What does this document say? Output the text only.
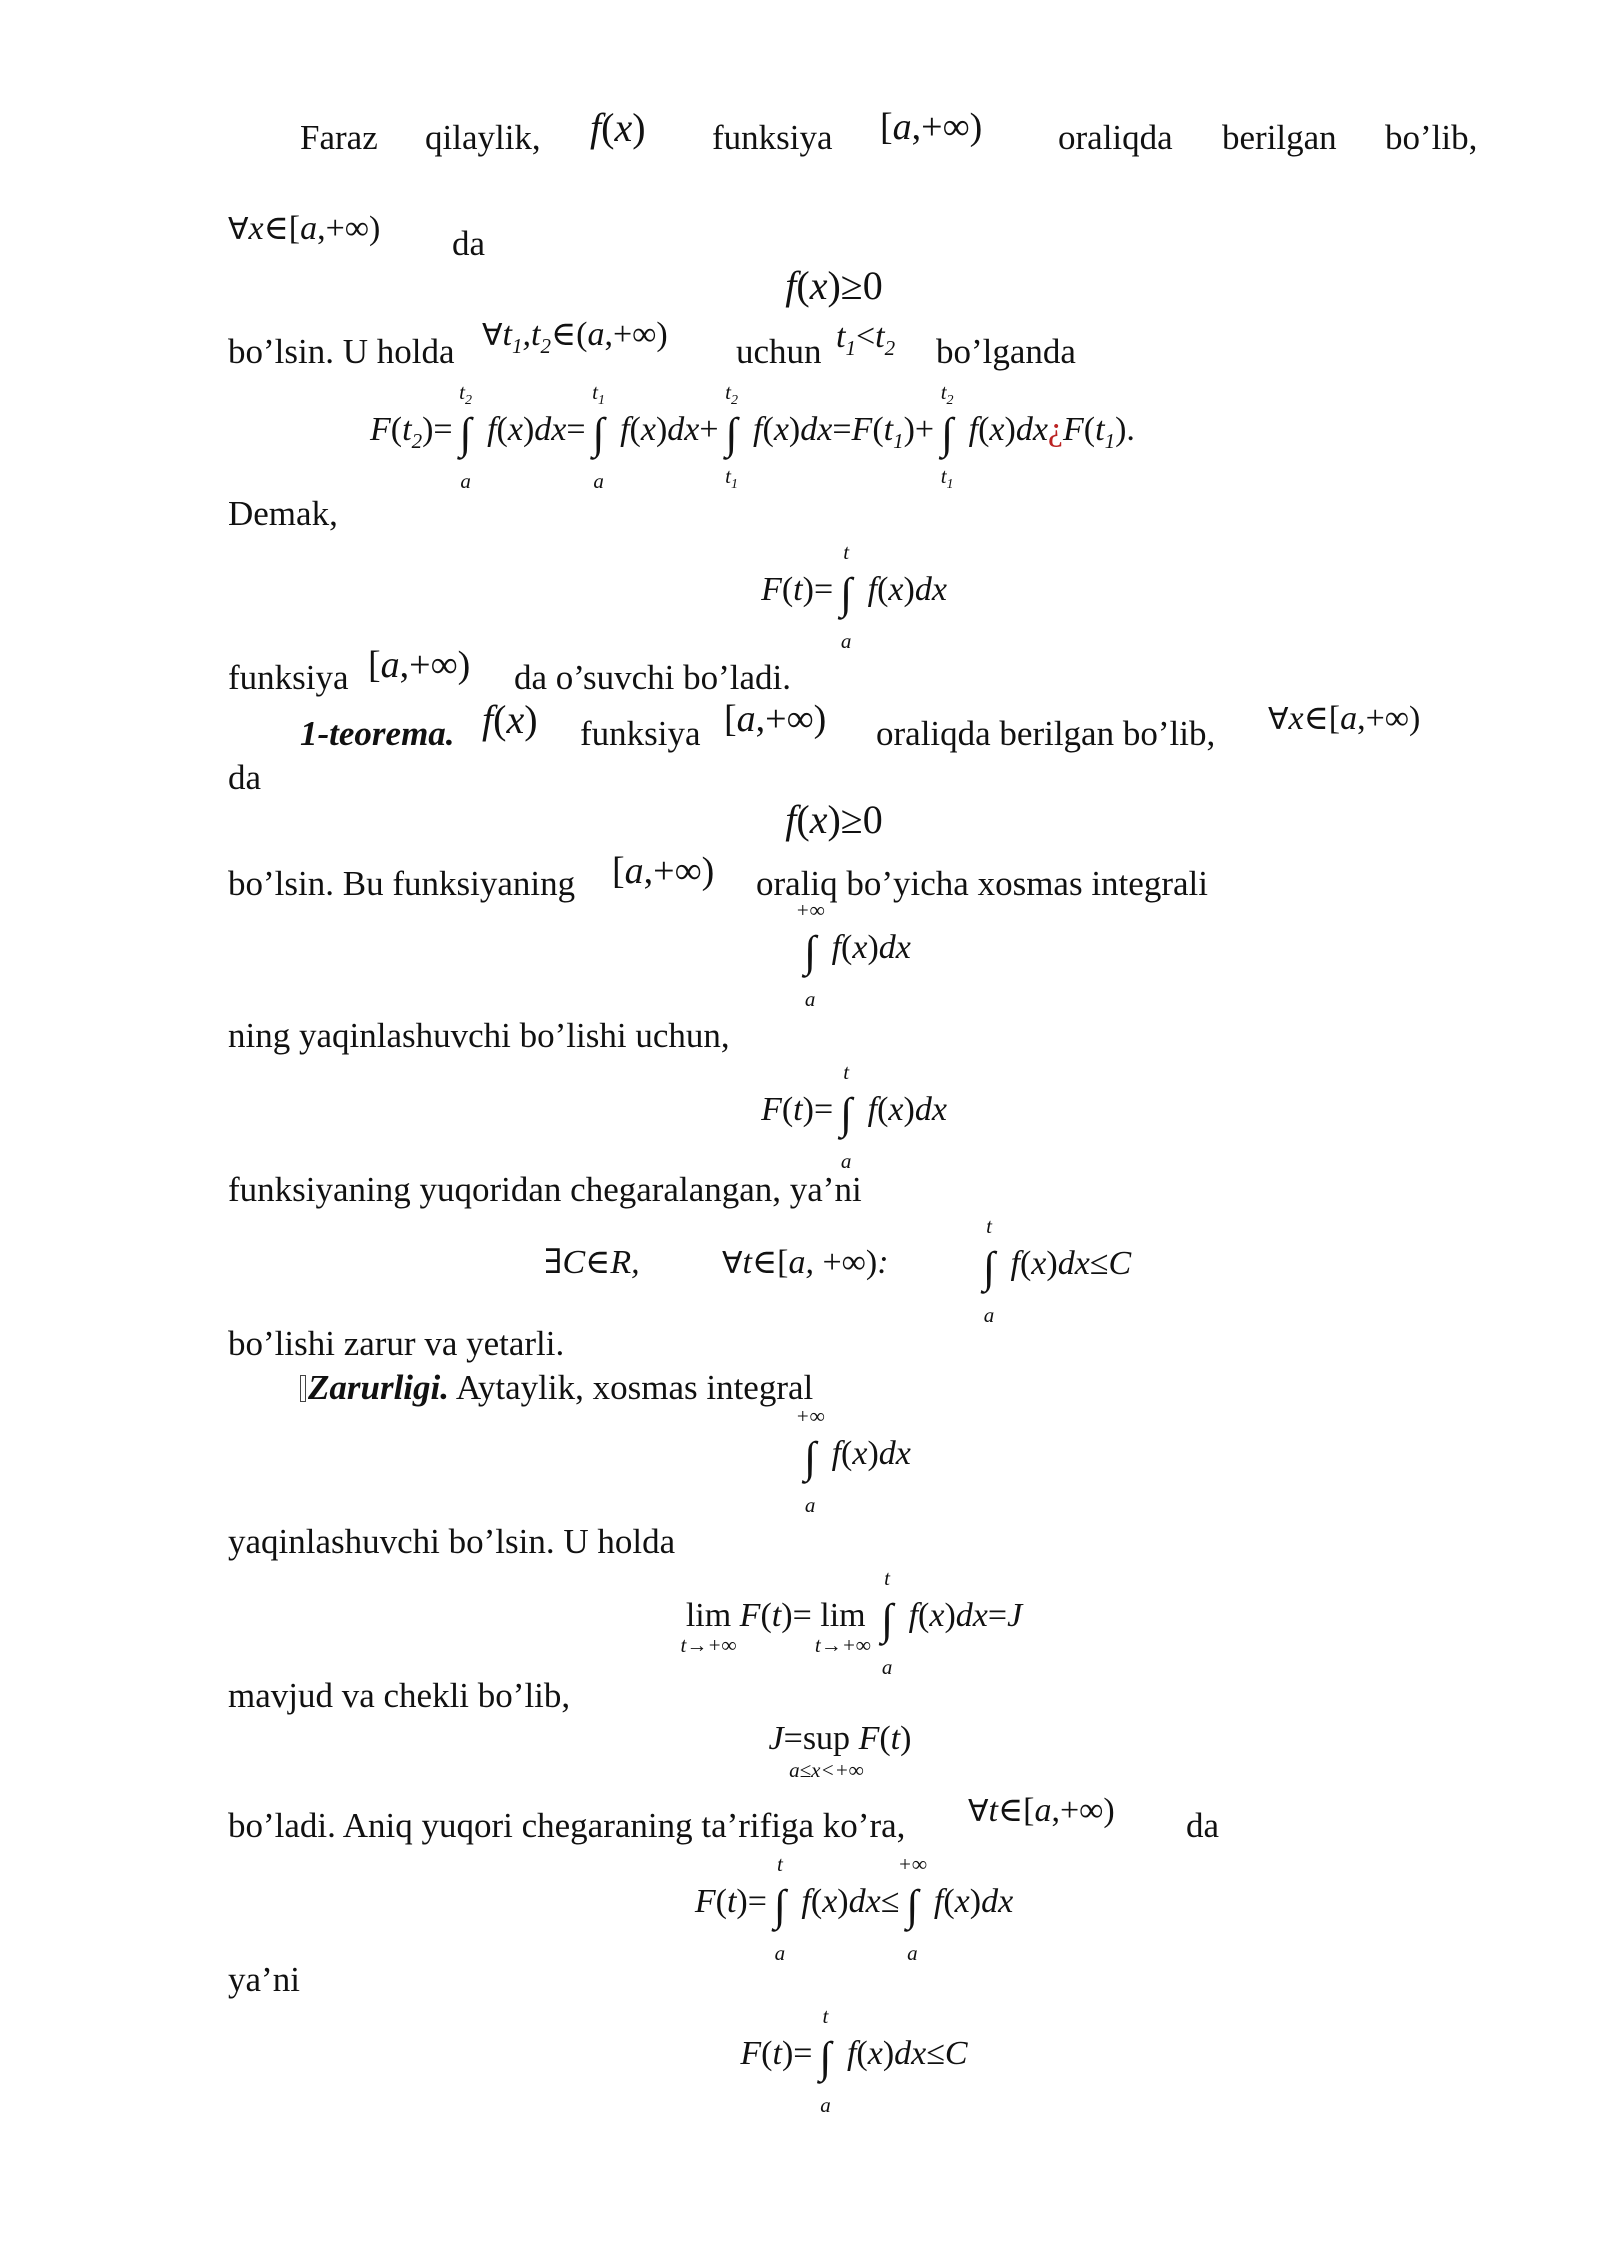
Faraz qilaylik, f(x) funksiya [a,+∞) oraliqda berilgan bo’lib,
∀x∈[a,+∞) da
f(x)≥0
bo’lsin. U holda $\forall t_1,t_2\in(a,+\infty)$ uchun $t_1<t_2$ bo’lganda
$F(t_2)=$ ∫
$t_2$
a
f(x)dx= ∫
$t_1$
a
f(x)dx+ ∫
$t_2$
$t_1$
$f(x)dx=F(t_1)+$ ∫
$t_2$
$t_1$
$f(x)dx¿F(t_1)$.
Demak,
F(t)= ∫
t
a
f(x)dx
funksiya [a,+∞) da o’suvchi bo’ladi.
1-teorema. f(x) funksiya [a,+∞) oraliqda berilgan bo’lib, ∀x∈[a,+∞)
da
f(x)≥0
bo’lsin. Bu funksiyaning [a,+∞) oraliq bo’yicha xosmas integrali
∫
+∞
a
f(x)dx
ning yaqinlashuvchi bo’lishi uchun,
F(t)= ∫
t
a
f(x)dx
funksiyaning yuqoridan chegaralangan, ya’ni
∃C∈R,	∀t∈[a, +∞): ∫
t
a
f(x)dx≤C
bo’lishi zarur va yetarli.
Zarurligi. Aytaylik, xosmas integral
∫
+∞
a
f(x)dx
yaqinlashuvchi bo’lsin. U holda
lim
t→+∞
F(t)= lim
t→+∞
∫
t
a
f(x)dx=J
mavjud va chekli bo’lib,
J=sup
a≤x<+∞
F(t)
bo’ladi. Aniq yuqori chegaraning ta’rifiga ko’ra, ∀t∈[a,+∞) da
F(t)= ∫
t
a
f(x)dx≤ ∫
+∞
a
f(x)dx
ya’ni
F(t)= ∫
t
a
f(x)dx≤C
